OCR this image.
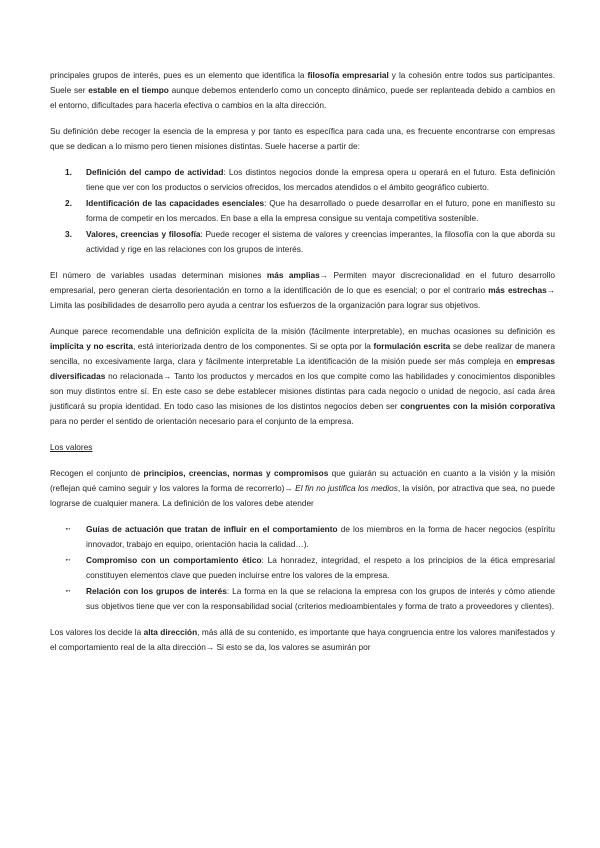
principales grupos de interés, pues es un elemento que identifica la filosofía empresarial y la cohesión entre todos sus participantes. Suele ser estable en el tiempo aunque debemos entenderlo como un concepto dinámico, puede ser replanteada debido a cambios en el entorno, dificultades para hacerla efectiva o cambios en la alta dirección.

Su definición debe recoger la esencia de la empresa y por tanto es específica para cada una, es frecuente encontrarse con empresas que se dedican a lo mismo pero tienen misiones distintas. Suele hacerse a partir de:

1. Definición del campo de actividad: Los distintos negocios donde la empresa opera u operará en el futuro. Esta definición tiene que ver con los productos o servicios ofrecidos, los mercados atendidos o el ámbito geográfico cubierto.
2. Identificación de las capacidades esenciales: Que ha desarrollado o puede desarrollar en el futuro, pone en manifiesto su forma de competir en los mercados. En base a ella la empresa consigue su ventaja competitiva sostenible.
3. Valores, creencias y filosofía: Puede recoger el sistema de valores y creencias imperantes, la filosofía con la que aborda su actividad y rige en las relaciones con los grupos de interés.

El número de variables usadas determinan misiones más amplias→ Permiten mayor discrecionalidad en el futuro desarrollo empresarial, pero generan cierta desorientación en torno a la identificación de lo que es esencial; o por el contrario más estrechas→ Limita las posibilidades de desarrollo pero ayuda a centrar los esfuerzos de la organización para lograr sus objetivos.

Aunque parece recomendable una definición explícita de la misión (fácilmente interpretable), en muchas ocasiones su definición es implícita y no escrita, está interiorizada dentro de los componentes. Si se opta por la formulación escrita se debe realizar de manera sencilla, no excesivamente larga, clara y fácilmente interpretable La identificación de la misión puede ser más compleja en empresas diversificadas no relacionada→ Tanto los productos y mercados en los que compite como las habilidades y conocimientos disponibles son muy distintos entre sí. En este caso se debe establecer misiones distintas para cada negocio o unidad de negocio, así cada área justificará su propia identidad. En todo caso las misiones de los distintos negocios deben ser congruentes con la misión corporativa para no perder el sentido de orientación necesario para el conjunto de la empresa.

Los valores

Recogen el conjunto de principios, creencias, normas y compromisos que guiarán su actuación en cuanto a la visión y la misión (reflejan qué camino seguir y los valores la forma de recorrerlo)→ El fin no justifica los medios, la visión, por atractiva que sea, no puede lograrse de cualquier manera. La definición de los valores debe atender

➻ Guías de actuación que tratan de influir en el comportamiento de los miembros en la forma de hacer negocios (espíritu innovador, trabajo en equipo, orientación hacia la calidad…).
➻ Compromiso con un comportamiento ético: La honradez, integridad, el respeto a los principios de la ética empresarial constituyen elementos clave que pueden incluirse entre los valores de la empresa.
➻ Relación con los grupos de interés: La forma en la que se relaciona la empresa con los grupos de interés y cómo atiende sus objetivos tiene que ver con la responsabilidad social (criterios medioambientales y forma de trato a proveedores y clientes).

Los valores los decide la alta dirección, más allá de su contenido, es importante que haya congruencia entre los valores manifestados y el comportamiento real de la alta dirección→ Si esto se da, los valores se asumirán por
